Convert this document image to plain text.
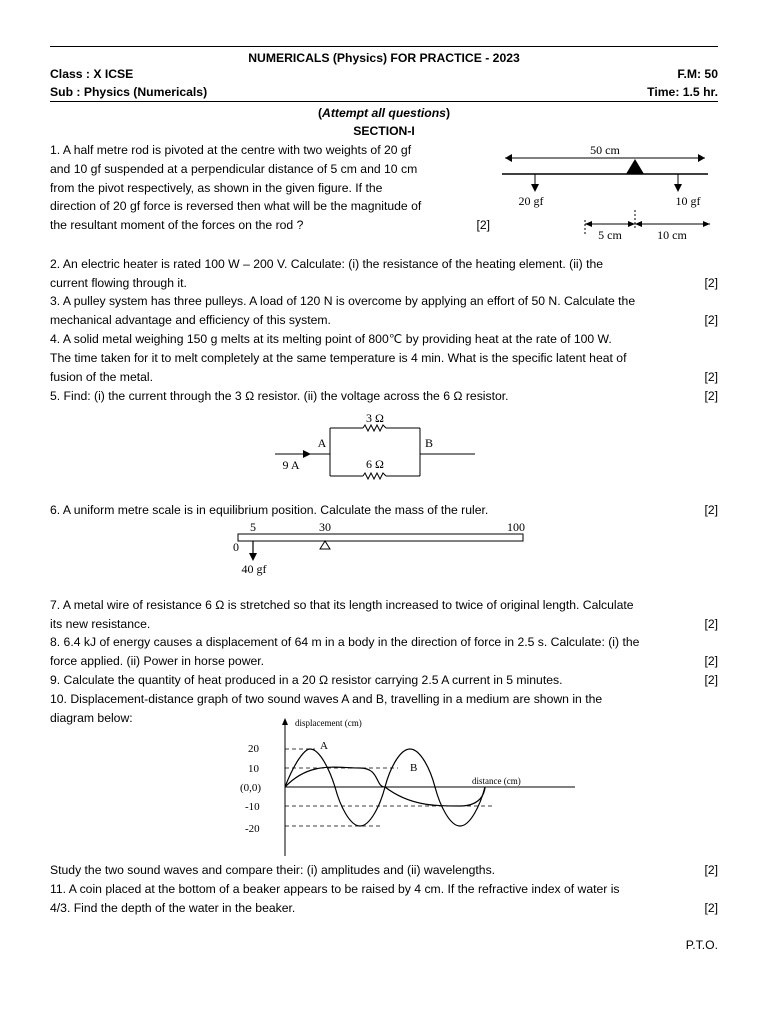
NUMERICALS (Physics) FOR PRACTICE - 2023
Class : X ICSE	F.M: 50
Sub : Physics (Numericals)	Time: 1.5 hr.
(Attempt all questions)
SECTION-I
1. A half metre rod is pivoted at the centre with two weights of 20 gf
and 10 gf suspended at a perpendicular distance of 5 cm and 10 cm
from the pivot respectively, as shown in the given figure. If the
direction of 20 gf force is reversed then what will be the magnitude of
the resultant moment of the forces on the rod ?	[2]
50 cm
20 gf	10 gf
5 cm	10 cm
2. An electric heater is rated 100 W – 200 V. Calculate: (i) the resistance of the heating element. (ii) the
current flowing through it.	[2]
3. A pulley system has three pulleys. A load of 120 N is overcome by applying an effort of 50 N. Calculate the
mechanical advantage and efficiency of this system.	[2]
4. A solid metal weighing 150 g melts at its melting point of 800℃ by providing heat at the rate of 100 W.
The time taken for it to melt completely at the same temperature is 4 min. What is the specific latent heat of
fusion of the metal.	[2]
5. Find: (i) the current through the 3 Ω resistor. (ii) the voltage across the 6 Ω resistor.	[2]
3 Ω
6 Ω
A	B
9 A
6. A uniform metre scale is in equilibrium position. Calculate the mass of the ruler.	[2]
5	30	100
0
40 gf
7. A metal wire of resistance 6 Ω is stretched so that its length increased to twice of original length. Calculate
its new resistance.	[2]
8. 6.4 kJ of energy causes a displacement of 64 m in a body in the direction of force in 2.5 s. Calculate: (i) the
force applied. (ii) Power in horse power.	[2]
9. Calculate the quantity of heat produced in a 20 Ω resistor carrying 2.5 A current in 5 minutes.	[2]
10. Displacement-distance graph of two sound waves A and B, travelling in a medium are shown in the
diagram below:	displacement (cm)
distance (cm)
20
10
(0,0)
-10
-20
A
B
Study the two sound waves and compare their: (i) amplitudes and (ii) wavelengths.	[2]
11. A coin placed at the bottom of a beaker appears to be raised by 4 cm. If the refractive index of water is
4/3. Find the depth of the water in the beaker.	[2]
P.T.O.
